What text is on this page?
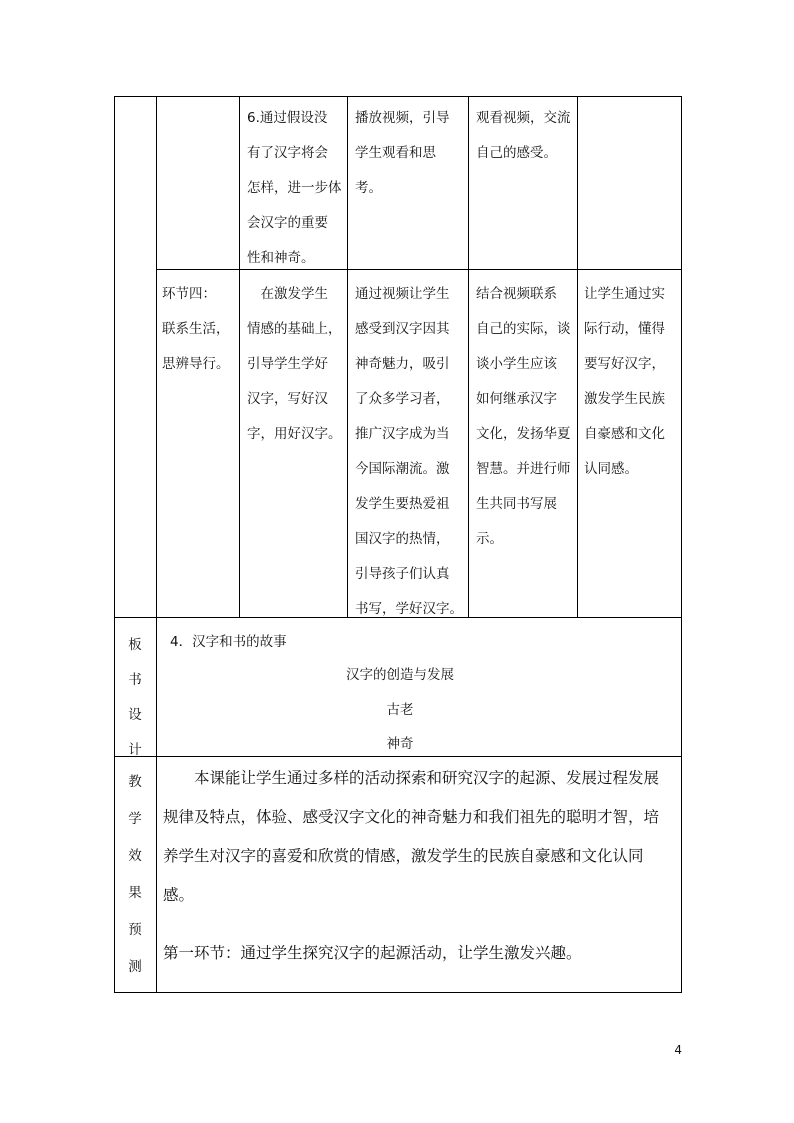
6.通过假设没
有了汉字将会
怎样，进一步体
会汉字的重要
性和神奇。
播放视频，引导
学生观看和思
考。
观看视频，交流
自己的感受。
环节四：
联系生活，
思辨导行。
　在激发学生
情感的基础上，
引导学生学好
汉字，写好汉
字，用好汉字。
通过视频让学生
感受到汉字因其
神奇魅力，吸引
了众多学习者，
推广汉字成为当
今国际潮流。激
发学生要热爱祖
国汉字的热情，
引导孩子们认真
书写，学好汉字。
结合视频联系
自己的实际，谈
谈小学生应该
如何继承汉字
文化，发扬华夏
智慧。并进行师
生共同书写展
示。
让学生通过实
际行动，懂得
要写好汉字，
激发学生民族
自豪感和文化
认同感。
板
书
设
计
4．汉字和书的故事
汉字的创造与发展
古老
神奇
教
学
效
果
预
测
　　本课能让学生通过多样的活动探索和研究汉字的起源、发展过程发展
规律及特点，体验、感受汉字文化的神奇魅力和我们祖先的聪明才智，培
养学生对汉字的喜爱和欣赏的情感，激发学生的民族自豪感和文化认同
感。
第一环节：通过学生探究汉字的起源活动，让学生激发兴趣。
4
